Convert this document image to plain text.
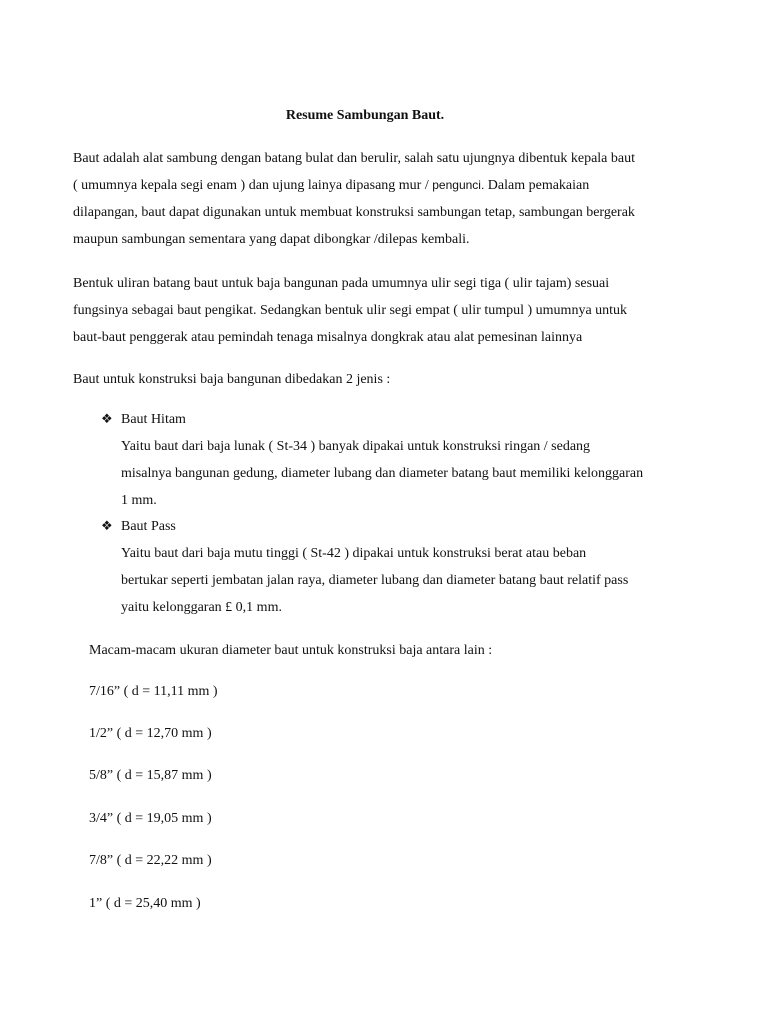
Resume Sambungan Baut.
Baut adalah alat sambung dengan batang bulat dan berulir, salah satu ujungnya dibentuk kepala baut
( umumnya kepala segi enam ) dan ujung lainya dipasang mur / pengunci. Dalam pemakaian
dilapangan, baut dapat digunakan untuk membuat konstruksi sambungan tetap, sambungan bergerak
maupun sambungan sementara yang dapat dibongkar /dilepas kembali.
Bentuk uliran batang baut untuk baja bangunan pada umumnya ulir segi tiga ( ulir tajam) sesuai
fungsinya sebagai baut pengikat. Sedangkan bentuk ulir segi empat ( ulir tumpul ) umumnya untuk
baut-baut penggerak atau pemindah tenaga misalnya dongkrak atau alat pemesinan lainnya
Baut untuk konstruksi baja bangunan dibedakan 2 jenis :
❖ Baut Hitam
Yaitu baut dari baja lunak ( St-34 ) banyak dipakai untuk konstruksi ringan / sedang
misalnya bangunan gedung, diameter lubang dan diameter batang baut memiliki kelonggaran
1 mm.
❖ Baut Pass
Yaitu baut dari baja mutu tinggi ( St-42 ) dipakai untuk konstruksi berat atau beban
bertukar seperti jembatan jalan raya, diameter lubang dan diameter batang baut relatif pass
yaitu kelonggaran £ 0,1 mm.
Macam-macam ukuran diameter baut untuk konstruksi baja antara lain :
7/16” ( d = 11,11 mm )
1/2” ( d = 12,70 mm )
5/8” ( d = 15,87 mm )
3/4” ( d = 19,05 mm )
7/8” ( d = 22,22 mm )
1” ( d = 25,40 mm )
